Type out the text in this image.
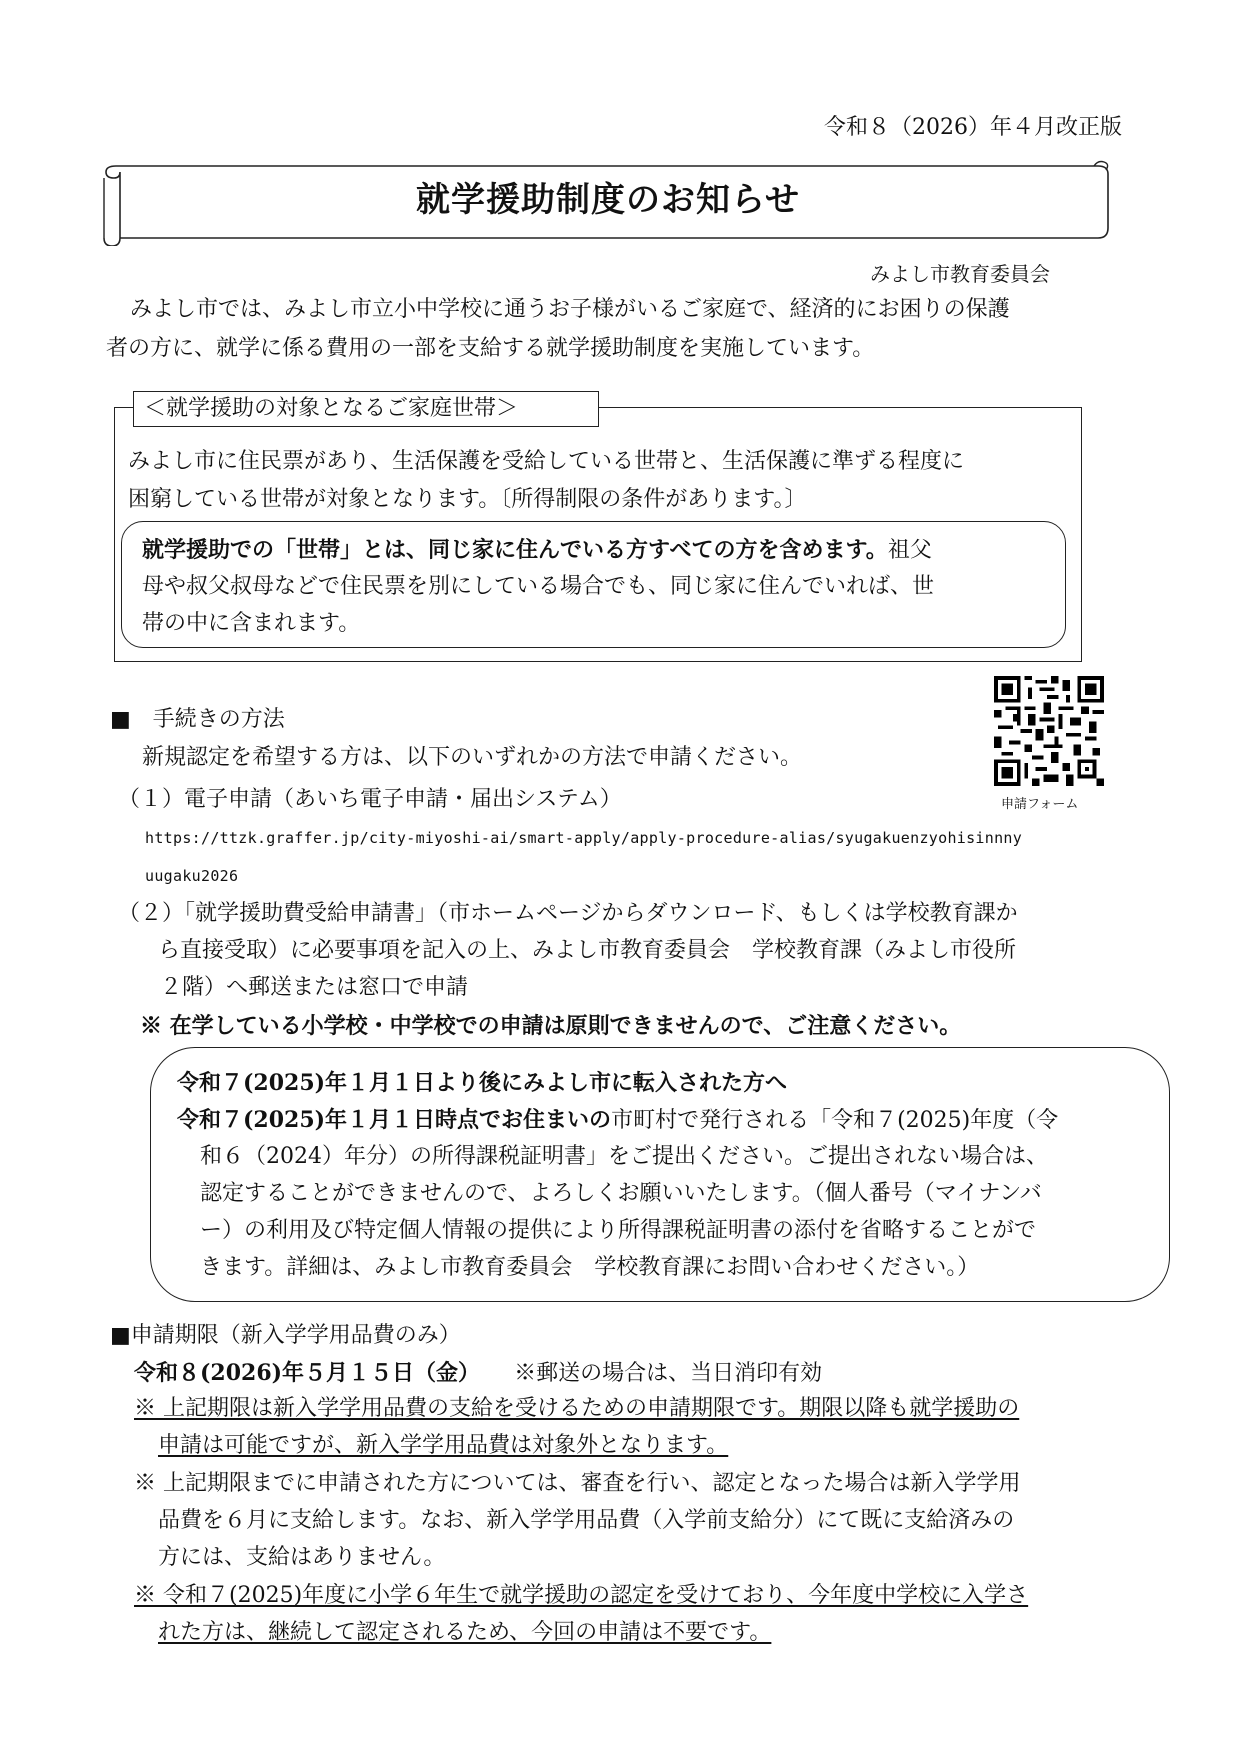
令和８（2026）年４月改正版
就学援助制度のお知らせ
みよし市教育委員会
みよし市では、みよし市立小中学校に通うお子様がいるご家庭で、経済的にお困りの保護
者の方に、就学に係る費用の一部を支給する就学援助制度を実施しています。
＜就学援助の対象となるご家庭世帯＞
みよし市に住民票があり、生活保護を受給している世帯と、生活保護に準ずる程度に
困窮している世帯が対象となります。〔所得制限の条件があります。〕
就学援助での「世帯」とは、同じ家に住んでいる方すべての方を含めます。祖父
母や叔父叔母などで住民票を別にしている場合でも、同じ家に住んでいれば、世
帯の中に含まれます。
■　手続きの方法
新規認定を希望する方は、以下のいずれかの方法で申請ください。
申請フォーム
（１）電子申請（あいち電子申請・届出システム）
https://ttzk.graffer.jp/city-miyoshi-ai/smart-apply/apply-procedure-alias/syugakuenzyohisinnny
uugaku2026
（２）「就学援助費受給申請書」（市ホームページからダウンロード、もしくは学校教育課か
ら直接受取）に必要事項を記入の上、みよし市教育委員会　学校教育課（みよし市役所
２階）へ郵送または窓口で申請
※ 在学している小学校・中学校での申請は原則できませんので、ご注意ください。
令和７(2025)年１月１日より後にみよし市に転入された方へ
令和７(2025)年１月１日時点でお住まいの市町村で発行される「令和７(2025)年度（令
和６（2024）年分）の所得課税証明書」をご提出ください。ご提出されない場合は、
認定することができませんので、よろしくお願いいたします。（個人番号（マイナンバ
ー）の利用及び特定個人情報の提供により所得課税証明書の添付を省略することがで
きます。詳細は、みよし市教育委員会　学校教育課にお問い合わせください。）
■申請期限（新入学学用品費のみ）
令和８(2026)年５月１５日（金） ※郵送の場合は、当日消印有効
※ 上記期限は新入学学用品費の支給を受けるための申請期限です。期限以降も就学援助の
申請は可能ですが、新入学学用品費は対象外となります。
※ 上記期限までに申請された方については、審査を行い、認定となった場合は新入学学用
品費を６月に支給します。なお、新入学学用品費（入学前支給分）にて既に支給済みの
方には、支給はありません。
※ 令和７(2025)年度に小学６年生で就学援助の認定を受けており、今年度中学校に入学さ
れた方は、継続して認定されるため、今回の申請は不要です。
